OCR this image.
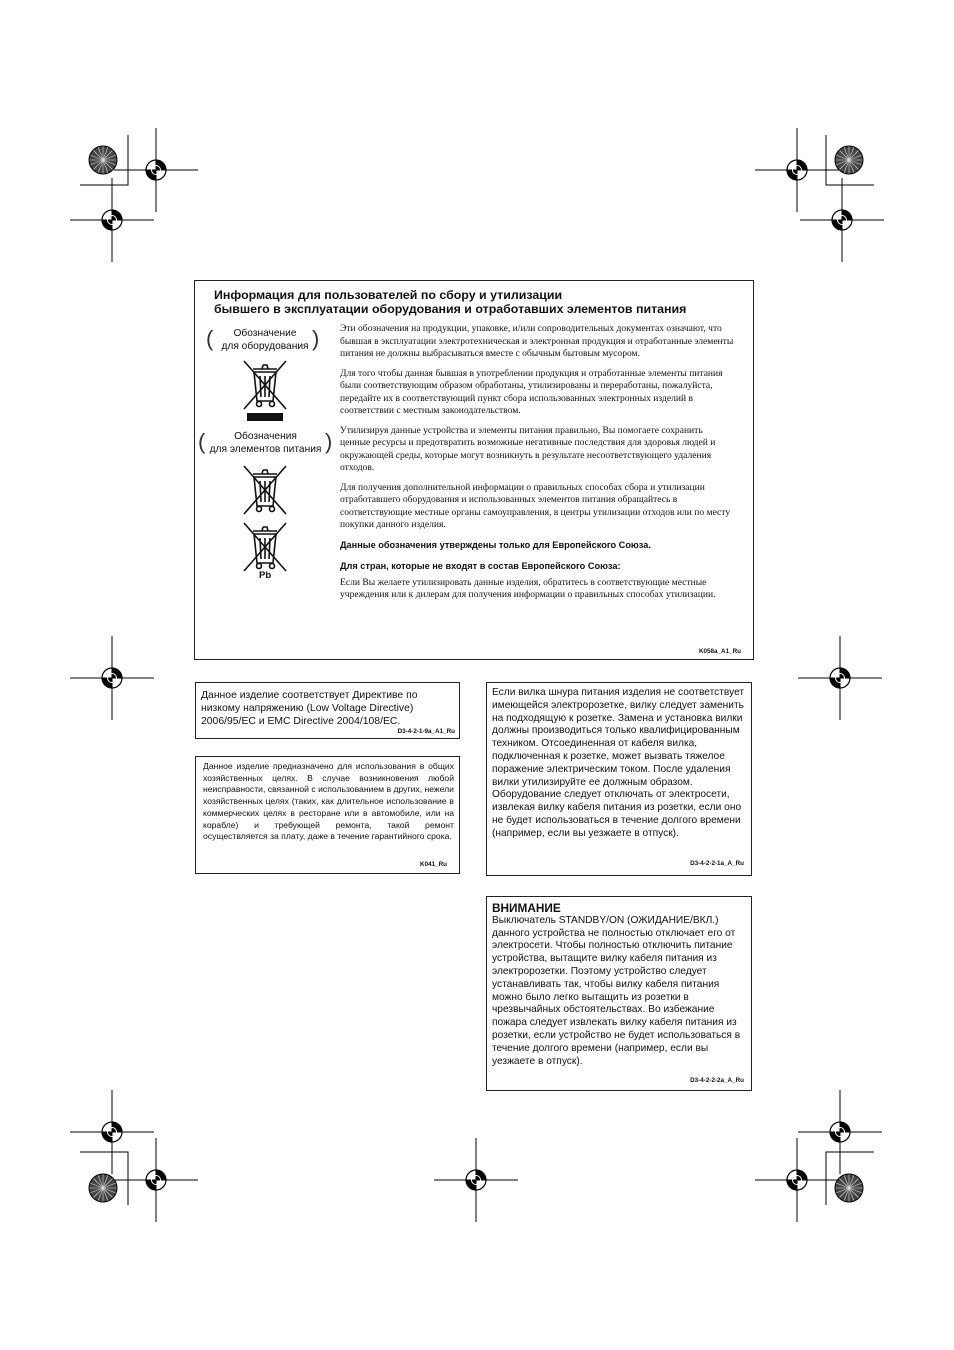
Информация для пользователей по сбору и утилизации
бывшего в эксплуатации оборудования и отработавших элементов питания
(	Обозначение
для оборудования )
(	Обозначения
для элементов питания )
Pb

Эти обозначения на продукции, упаковке, и/или сопроводительных документах означают, что бывшая в эксплуатации электротехническая и электронная продукция и отработанные элементы питания не должны выбрасываться вместе с обычным бытовым мусором.

Для того чтобы данная бывшая в употреблении продукция и отработанные элементы питания были соответствующим образом обработаны, утилизированы и переработаны, пожалуйста, передайте их в соответствующий пункт сбора использованных электронных изделий в соответствии с местным законодательством.

Утилизируя данные устройства и элементы питания правильно, Вы помогаете сохранить ценные ресурсы и предотвратить возможные негативные последствия для здоровья людей и окружающей среды, которые могут возникнуть в результате несоответствующего удаления отходов.

Для получения дополнительной информации о правильных способах сбора и утилизации отработавшего оборудования и использованных элементов питания обращайтесь в соответствующие местные органы самоуправления, в центры утилизации отходов или по месту покупки данного изделия.

Данные обозначения утверждены только для Европейского Союза.

Для стран, которые не входят в состав Европейского Союза:

Если Вы желаете утилизировать данные изделия, обратитесь в соответствующие местные учреждения или к дилерам для получения информации о правильных способах утилизации.

K058a_A1_Ru
Данное изделие соответствует Директиве по низкому напряжению (Low Voltage Directive) 2006/95/EC и EMC Directive 2004/108/EC.
D3-4-2-1-9a_A1_Ru
Данное изделие предназначено для использования в общих хозяйственных целях. В случае возникновения любой неисправности, связанной с использованием в других, нежели хозяйственных целях (таких, как длительное использование в коммерческих целях в ресторане или в автомобиле, или на корабле) и требующей ремонта, такой ремонт осуществляется за плату, даже в течение гарантийного срока.
K041_Ru
Если вилка шнура питания изделия не соответствует имеющейся электророзетке, вилку следует заменить на подходящую к розетке. Замена и установка вилки должны производиться только квалифицированным техником. Отсоединенная от кабеля вилка, подключенная к розетке, может вызвать тяжелое поражение электрическим током. После удаления вилки утилизируйте ее должным образом. Оборудование следует отключать от электросети, извлекая вилку кабеля питания из розетки, если оно не будет использоваться в течение долгого времени (например, если вы уезжаете в отпуск).
D3-4-2-2-1a_A_Ru
ВНИМАНИЕ
Выключатель STANDBY/ON (ОЖИДАНИЕ/ВКЛ.) данного устройства не полностью отключает его от электросети. Чтобы полностью отключить питание устройства, вытащите вилку кабеля питания из электророзетки. Поэтому устройство следует устанавливать так, чтобы вилку кабеля питания можно было легко вытащить из розетки в чрезвычайных обстоятельствах. Во избежание пожара следует извлекать вилку кабеля питания из розетки, если устройство не будет использоваться в течение долгого времени (например, если вы уезжаете в отпуск).
D3-4-2-2-2a_A_Ru
